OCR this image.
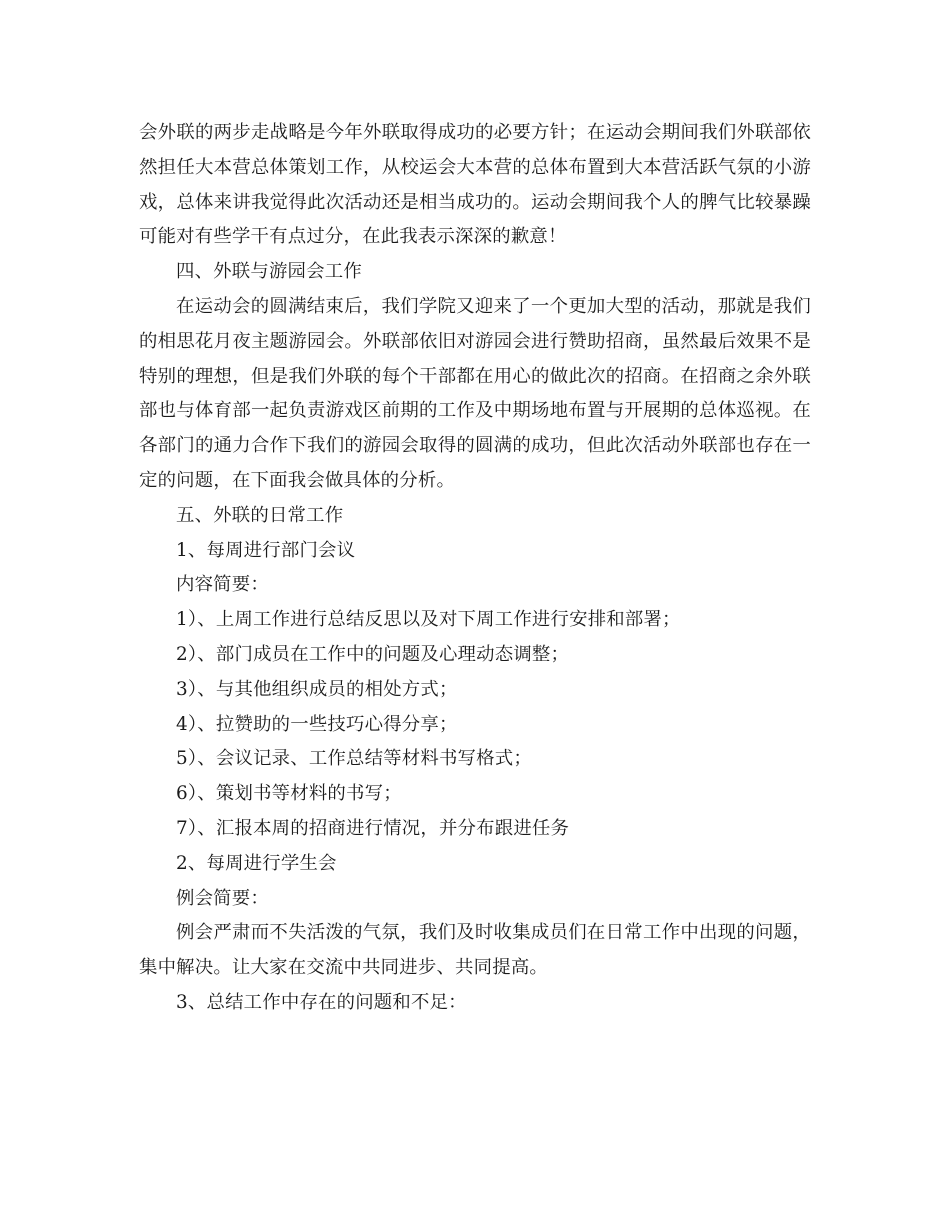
会外联的两步走战略是今年外联取得成功的必要方针；在运动会期间我们外联部依然担任大本营总体策划工作，从校运会大本营的总体布置到大本营活跃气氛的小游戏，总体来讲我觉得此次活动还是相当成功的。运动会期间我个人的脾气比较暴躁可能对有些学干有点过分，在此我表示深深的歉意！

四、外联与游园会工作

在运动会的圆满结束后，我们学院又迎来了一个更加大型的活动，那就是我们的相思花月夜主题游园会。外联部依旧对游园会进行赞助招商，虽然最后效果不是特别的理想，但是我们外联的每个干部都在用心的做此次的招商。在招商之余外联部也与体育部一起负责游戏区前期的工作及中期场地布置与开展期的总体巡视。在各部门的通力合作下我们的游园会取得的圆满的成功，但此次活动外联部也存在一定的问题，在下面我会做具体的分析。

五、外联的日常工作

1、每周进行部门会议

内容简要：

1）、上周工作进行总结反思以及对下周工作进行安排和部署；

2）、部门成员在工作中的问题及心理动态调整；

3）、与其他组织成员的相处方式；

4）、拉赞助的一些技巧心得分享；

5）、会议记录、工作总结等材料书写格式；

6）、策划书等材料的书写；

7）、汇报本周的招商进行情况，并分布跟进任务

2、每周进行学生会

例会简要：

例会严肃而不失活泼的气氛，我们及时收集成员们在日常工作中出现的问题，集中解决。让大家在交流中共同进步、共同提高。

3、总结工作中存在的问题和不足：
